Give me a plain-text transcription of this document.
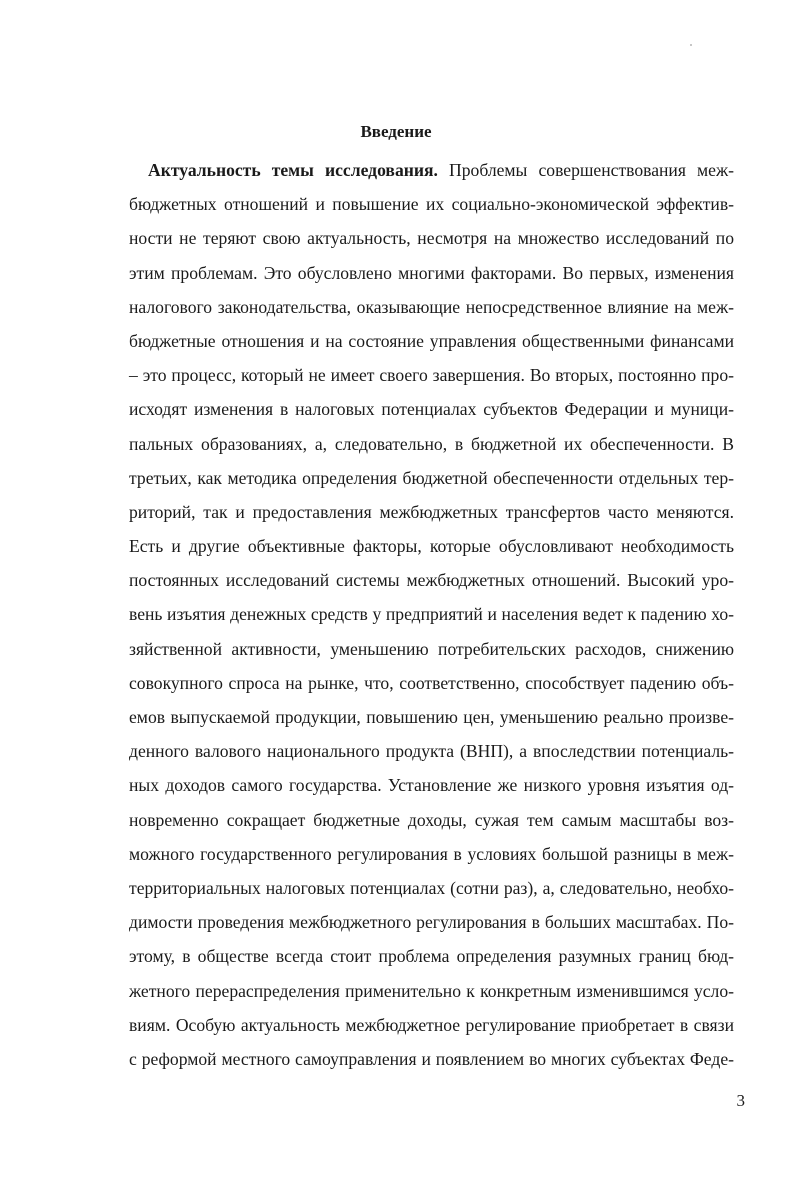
Введение
Актуальность темы исследования. Проблемы совершенствования меж-
бюджетных отношений и повышение их социально-экономической эффектив-
ности не теряют свою актуальность, несмотря на множество исследований по
этим проблемам. Это обусловлено многими факторами. Во первых, изменения
налогового законодательства, оказывающие непосредственное влияние на меж-
бюджетные отношения и на состояние управления общественными финансами
– это процесс, который не имеет своего завершения. Во вторых, постоянно про-
исходят изменения в налоговых потенциалах субъектов Федерации и муници-
пальных образованиях, а, следовательно, в бюджетной их обеспеченности. В
третьих, как методика определения бюджетной обеспеченности отдельных тер-
риторий, так и предоставления межбюджетных трансфертов часто меняются.
Есть и другие объективные факторы, которые обусловливают необходимость
постоянных исследований системы межбюджетных отношений. Высокий уро-
вень изъятия денежных средств у предприятий и населения ведет к падению хо-
зяйственной активности, уменьшению потребительских расходов, снижению
совокупного спроса на рынке, что, соответственно, способствует падению объ-
емов выпускаемой продукции, повышению цен, уменьшению реально произве-
денного валового национального продукта (ВНП), а впоследствии потенциаль-
ных доходов самого государства. Установление же низкого уровня изъятия од-
новременно сокращает бюджетные доходы, сужая тем самым масштабы воз-
можного государственного регулирования в условиях большой разницы в меж-
территориальных налоговых потенциалах (сотни раз), а, следовательно, необхо-
димости проведения межбюджетного регулирования в больших масштабах. По-
этому, в обществе всегда стоит проблема определения разумных границ бюд-
жетного перераспределения применительно к конкретным изменившимся усло-
виям. Особую актуальность межбюджетное регулирование приобретает в связи
с реформой местного самоуправления и появлением во многих субъектах Феде-
3
